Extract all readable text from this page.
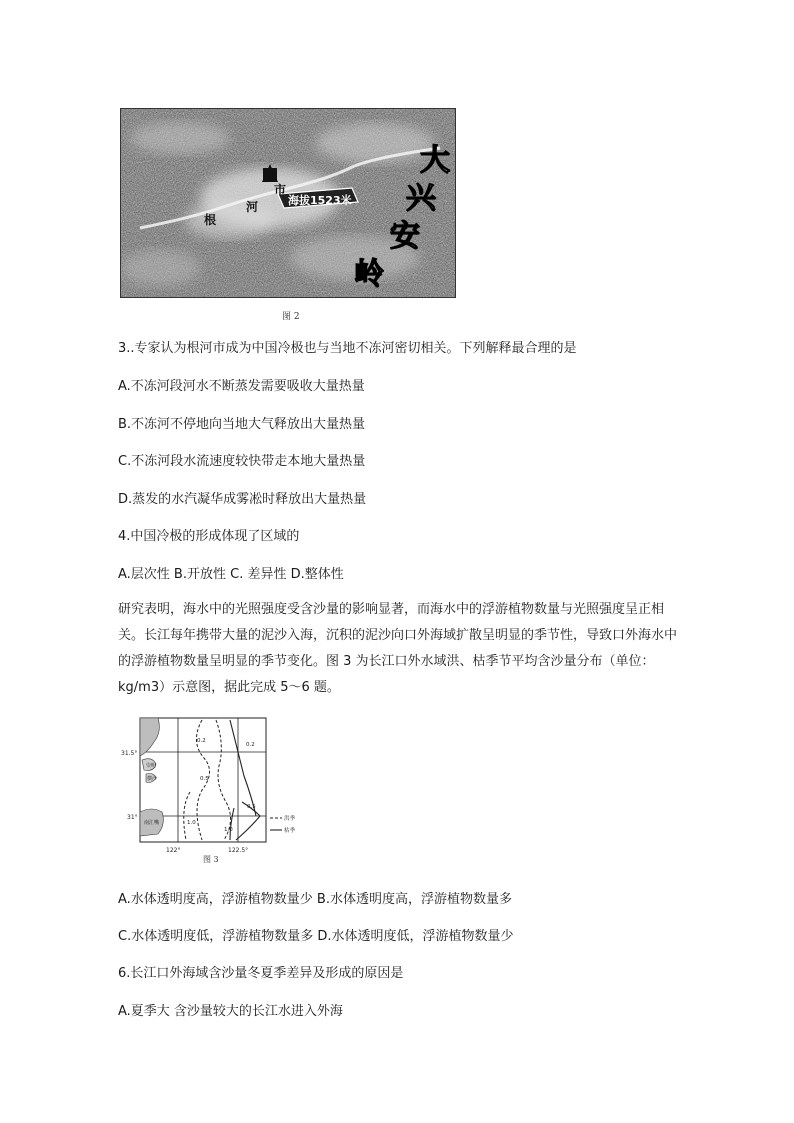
海拔1523米
市
河
根
大
兴
安
岭
图 2
3..专家认为根河市成为中国冷极也与当地不冻河密切相关。下列解释最合理的是
A.不冻河段河水不断蒸发需要吸收大量热量
B.不冻河不停地向当地大气释放出大量热量
C.不冻河段水流速度较快带走本地大量热量
D.蒸发的水汽凝华成雾凇时释放出大量热量
4.中国冷极的形成体现了区域的
A.层次性 B.开放性 C. 差异性 D.整体性
研究表明，海水中的光照强度受含沙量的影响显著，而海水中的浮游植物数量与光照强度呈正相关。长江每年携带大量的泥沙入海，沉积的泥沙向口外海域扩散呈明显的季节性，导致口外海水中的浮游植物数量呈明显的季节变化。图 3 为长江口外水域洪、枯季节平均含沙量分布（单位： kg/m3）示意图，据此完成 5～6 题。
31.5°
31°
122°	122.5°
崇明
横沙
南汇嘴
0.2
0.5
1.0
0.2
0.5
1.0
洪季
枯季
图 3
A.水体透明度高，浮游植物数量少 B.水体透明度高，浮游植物数量多
C.水体透明度低，浮游植物数量多 D.水体透明度低，浮游植物数量少
6.长江口外海域含沙量冬夏季差异及形成的原因是
A.夏季大 含沙量较大的长江水进入外海
